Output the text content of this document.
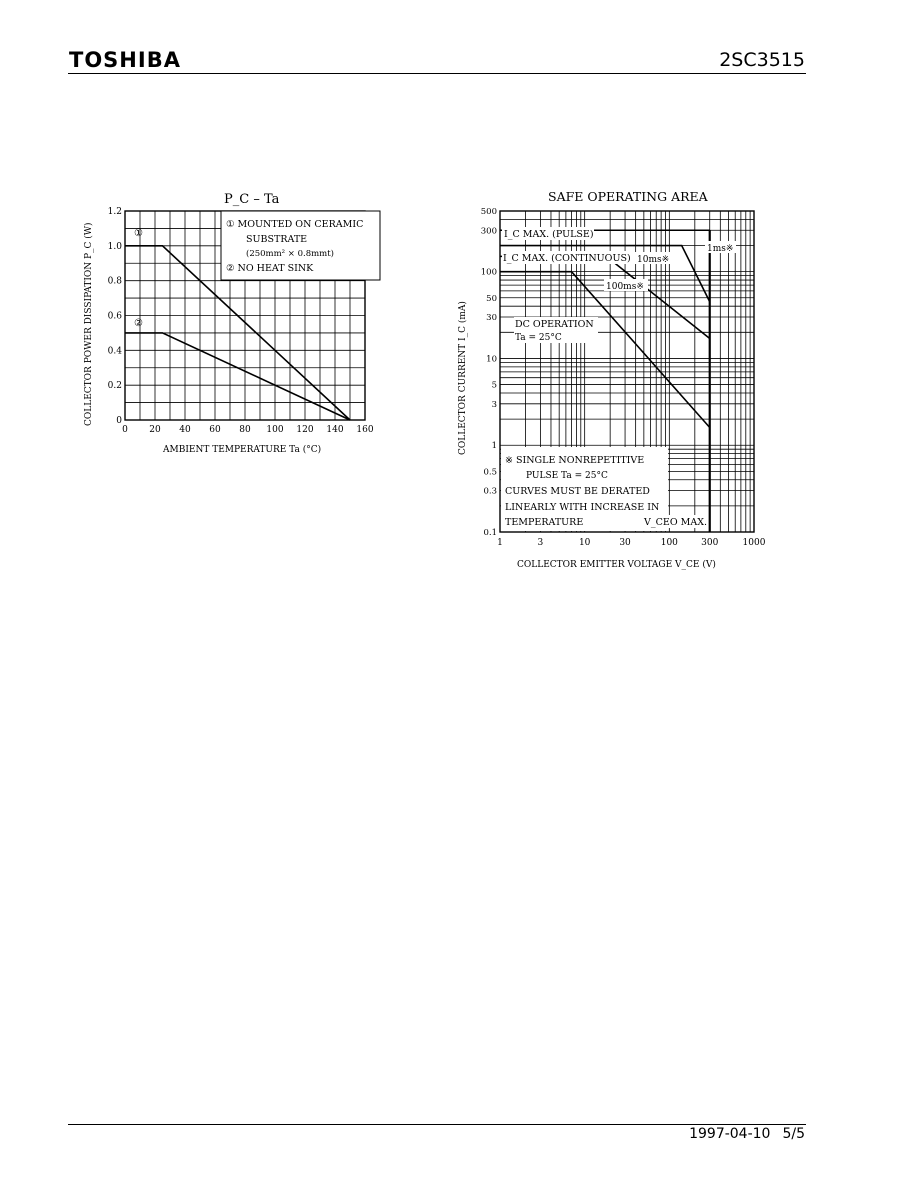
TOSHIBA	2SC3515
P_C – Ta
① MOUNTED ON CERAMIC
SUBSTRATE
(250mm² × 0.8mmt)
② NO HEAT SINK
①
②
0 20 40 60 80 100 120 140 160
0
0.2
0.4
0.6
0.8
1.0
1.2
AMBIENT TEMPERATURE Ta (°C)
COLLECTOR POWER DISSIPATION P_C (W)
SAFE OPERATING AREA
I_C MAX. (PULSE)
I_C MAX. (CONTINUOUS)
1ms※
10ms※
100ms※
DC OPERATION
Ta = 25°C
※ SINGLE NONREPETITIVE
PULSE Ta = 25°C
CURVES MUST BE DERATED
LINEARLY WITH INCREASE IN
TEMPERATURE	V_CEO MAX.
1	3	10	30	100	300	1000
0.1
0.3
0.5
1
3
5
10
30
50
100
300
500
COLLECTOR EMITTER VOLTAGE V_CE (V)
COLLECTOR CURRENT I_C (mA)
1997-04-10 5/5
